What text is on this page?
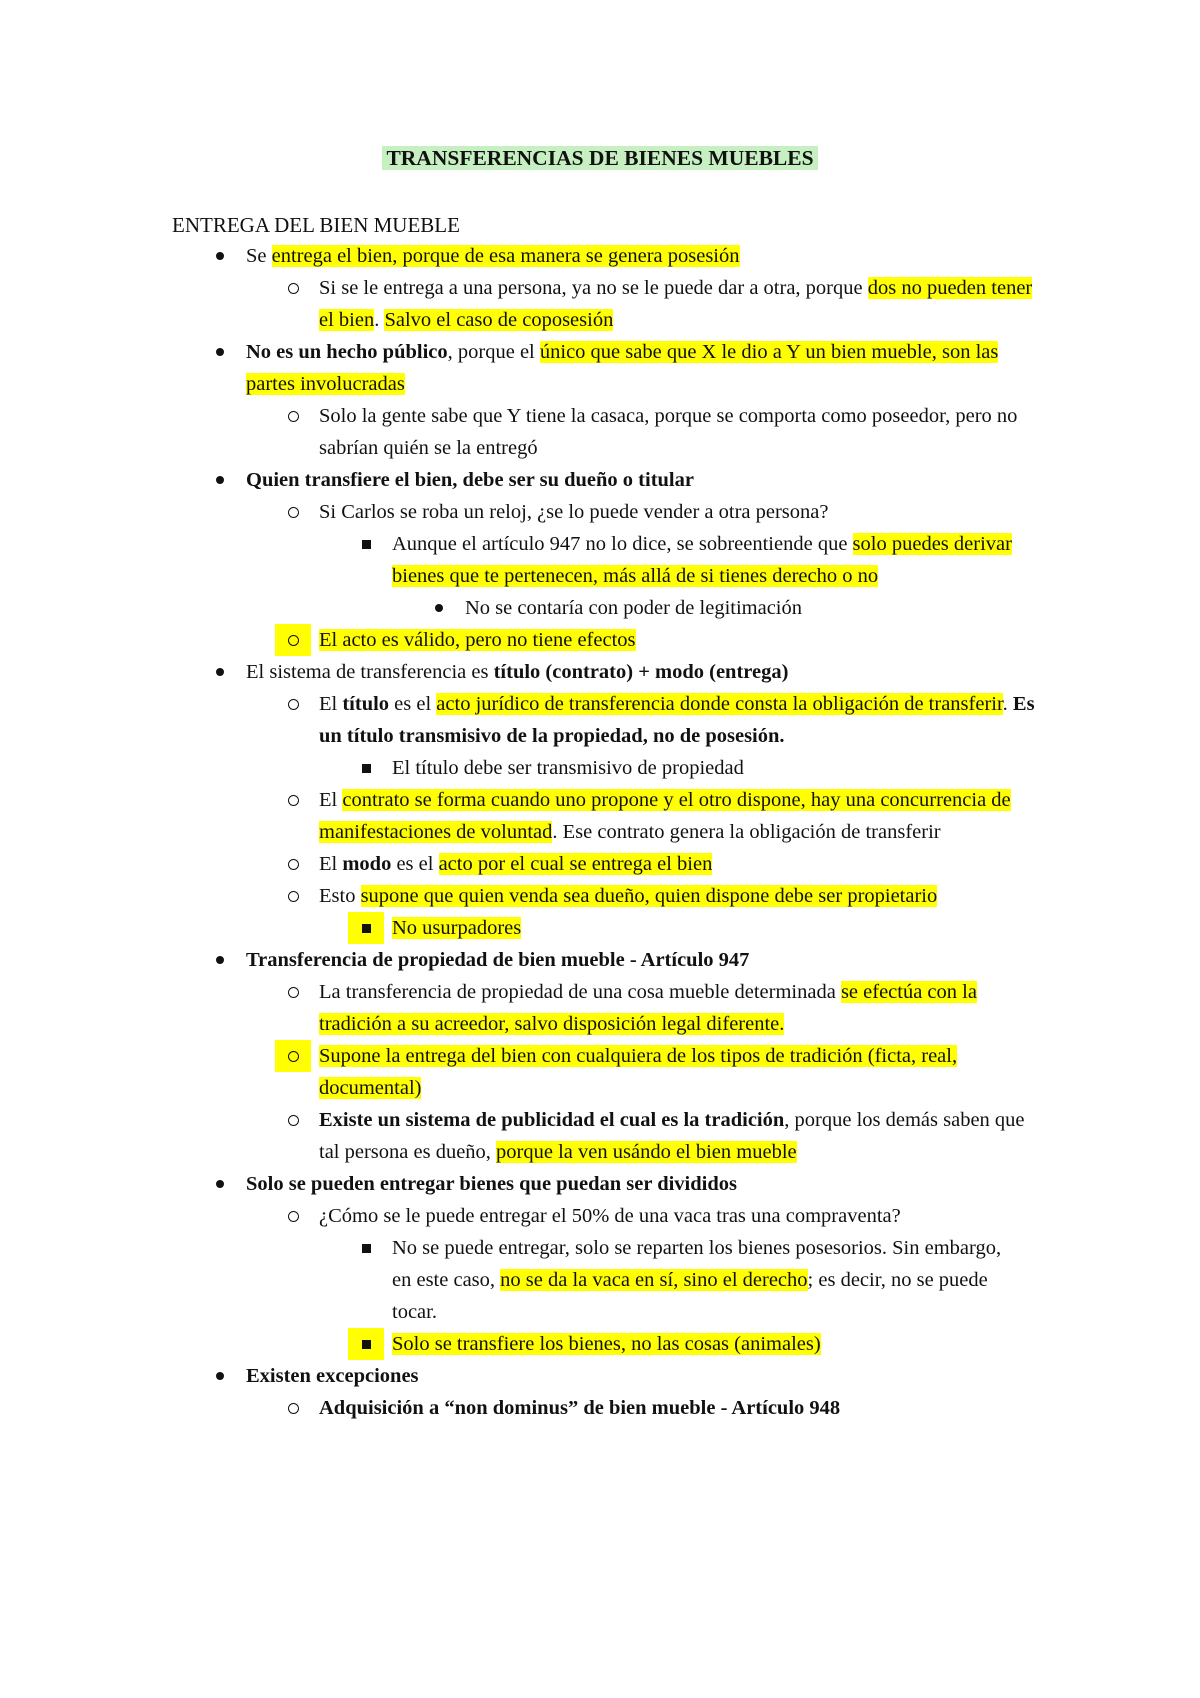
TRANSFERENCIAS DE BIENES MUEBLES
ENTREGA DEL BIEN MUEBLE
Se entrega el bien, porque de esa manera se genera posesión
Si se le entrega a una persona, ya no se le puede dar a otra, porque dos no pueden tener el bien. Salvo el caso de coposesión
No es un hecho público, porque el único que sabe que X le dio a Y un bien mueble, son las partes involucradas
Solo la gente sabe que Y tiene la casaca, porque se comporta como poseedor, pero no sabrían quién se la entregó
Quien transfiere el bien, debe ser su dueño o titular
Si Carlos se roba un reloj, ¿se lo puede vender a otra persona?
Aunque el artículo 947 no lo dice, se sobreentiende que solo puedes derivar bienes que te pertenecen, más allá de si tienes derecho o no
No se contaría con poder de legitimación
El acto es válido, pero no tiene efectos
El sistema de transferencia es título (contrato) + modo (entrega)
El título es el acto jurídico de transferencia donde consta la obligación de transferir. Es un título transmisivo de la propiedad, no de posesión.
El título debe ser transmisivo de propiedad
El contrato se forma cuando uno propone y el otro dispone, hay una concurrencia de manifestaciones de voluntad. Ese contrato genera la obligación de transferir
El modo es el acto por el cual se entrega el bien
Esto supone que quien venda sea dueño, quien dispone debe ser propietario
No usurpadores
Transferencia de propiedad de bien mueble - Artículo 947
La transferencia de propiedad de una cosa mueble determinada se efectúa con la tradición a su acreedor, salvo disposición legal diferente.
Supone la entrega del bien con cualquiera de los tipos de tradición (ficta, real, documental)
Existe un sistema de publicidad el cual es la tradición, porque los demás saben que tal persona es dueño, porque la ven usándo el bien mueble
Solo se pueden entregar bienes que puedan ser divididos
¿Cómo se le puede entregar el 50% de una vaca tras una compraventa?
No se puede entregar, solo se reparten los bienes posesorios. Sin embargo, en este caso, no se da la vaca en sí, sino el derecho; es decir, no se puede tocar.
Solo se transfiere los bienes, no las cosas (animales)
Existen excepciones
Adquisición a “non dominus” de bien mueble - Artículo 948
